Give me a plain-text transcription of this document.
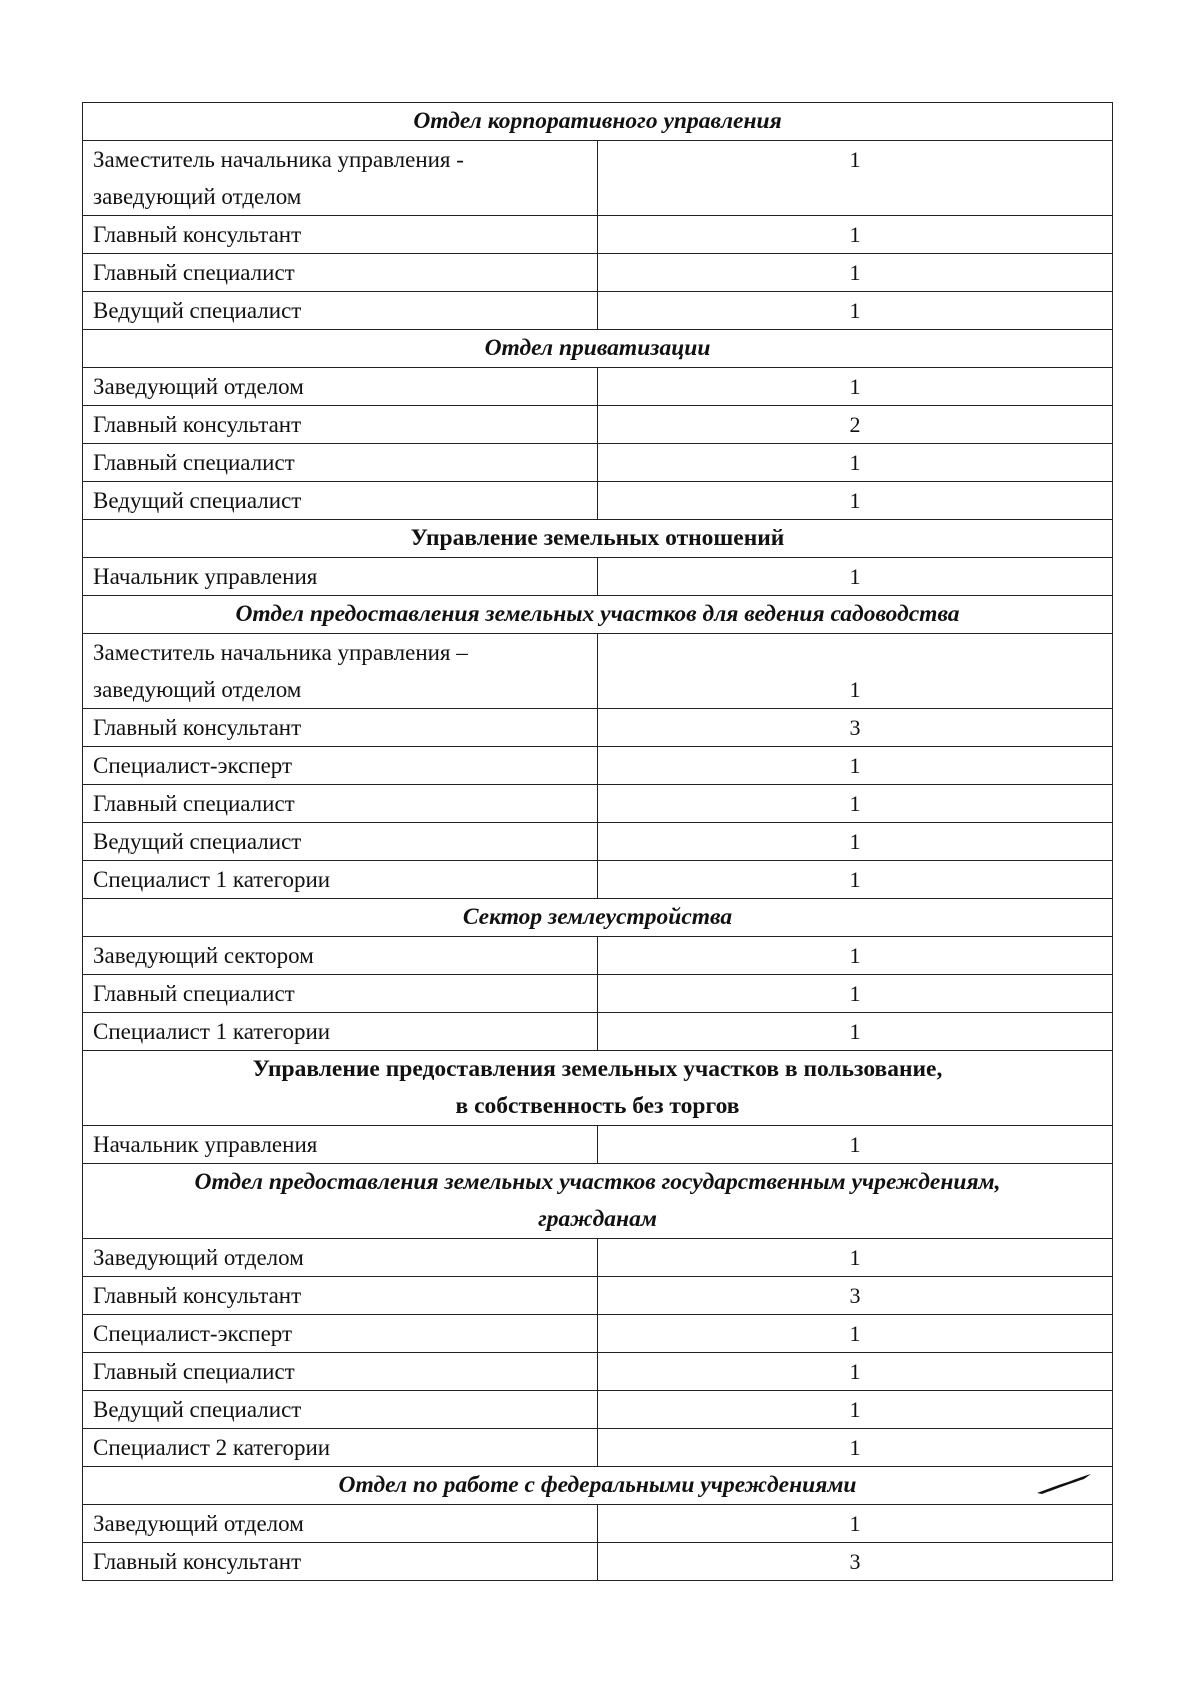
Отдел корпоративного управления	
Заместитель начальника управления - заведующий отделом	1
Главный консультант	1
Главный специалист	1
Ведущий специалист	1
Отдел приватизации	
Заведующий отделом	1
Главный консультант	2
Главный специалист	1
Ведущий специалист	1
Управление земельных отношений	
Начальник управления	1
Отдел предоставления земельных участков для ведения садоводства	
Заместитель начальника управления – заведующий отделом	1
Главный консультант	3
Специалист-эксперт	1
Главный специалист	1
Ведущий специалист	1
Специалист 1 категории	1
Сектор землеустройства	
Заведующий сектором	1
Главный специалист	1
Специалист 1 категории	1
Управление предоставления земельных участков в пользование,
в собственность без торгов	
Начальник управления	1
Отдел предоставления земельных участков государственным учреждениям,
гражданам	
Заведующий отделом	1
Главный консультант	3
Специалист-эксперт	1
Главный специалист	1
Ведущий специалист	1
Специалист 2 категории	1
Отдел по работе с федеральными учреждениями	

Заведующий отделом	1
Главный консультант	3
